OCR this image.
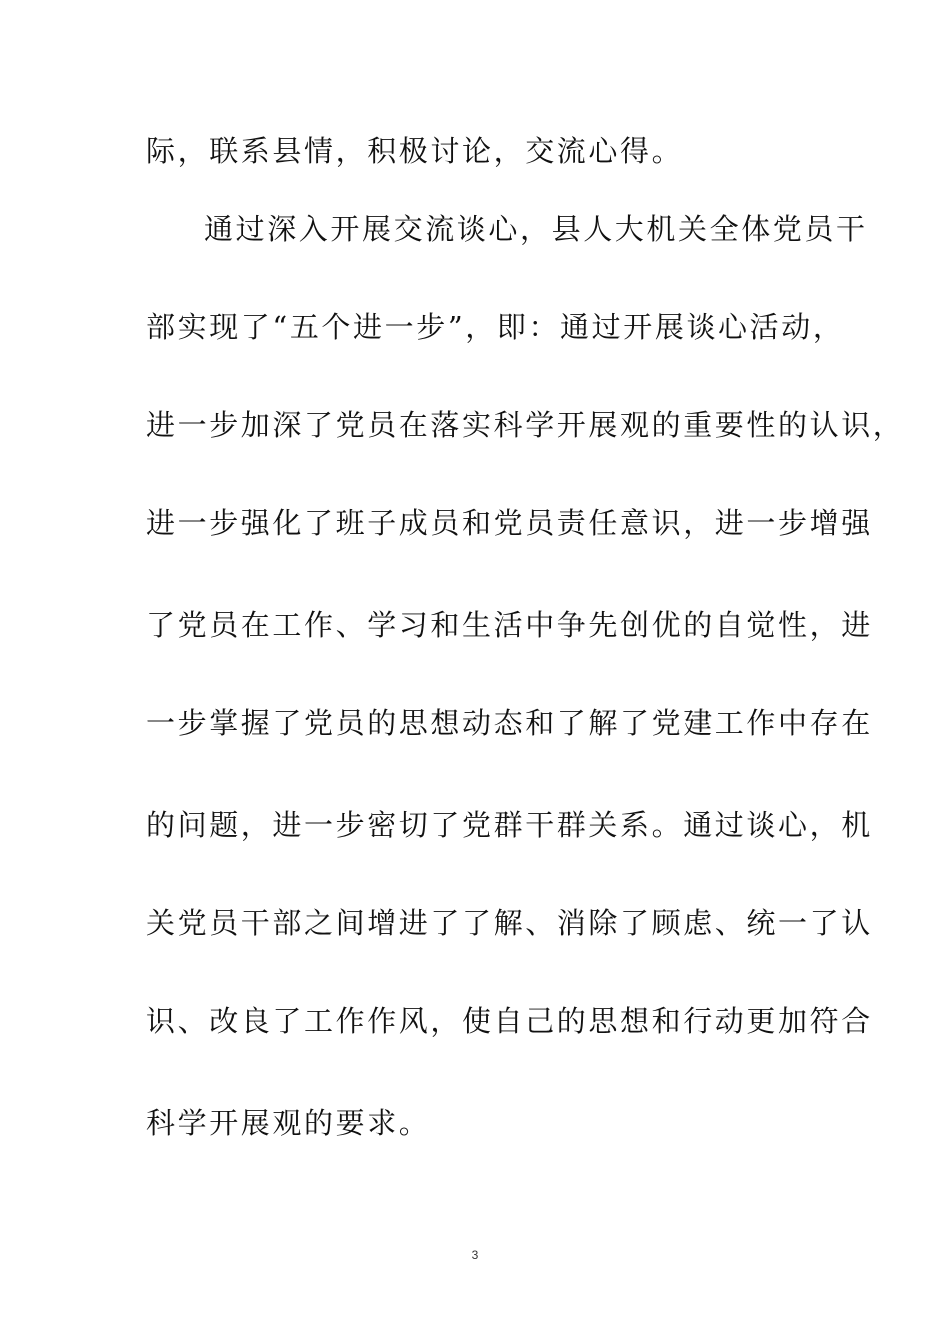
际，联系县情，积极讨论，交流心得。

通过深入开展交流谈心，县人大机关全体党员干

部实现了“五个进一步”，即：通过开展谈心活动，

进一步加深了党员在落实科学开展观的重要性的认识，

进一步强化了班子成员和党员责任意识，进一步增强

了党员在工作、学习和生活中争先创优的自觉性，进

一步掌握了党员的思想动态和了解了党建工作中存在

的问题，进一步密切了党群干群关系。通过谈心，机

关党员干部之间增进了了解、消除了顾虑、统一了认

识、改良了工作作风，使自己的思想和行动更加符合

科学开展观的要求。

3
